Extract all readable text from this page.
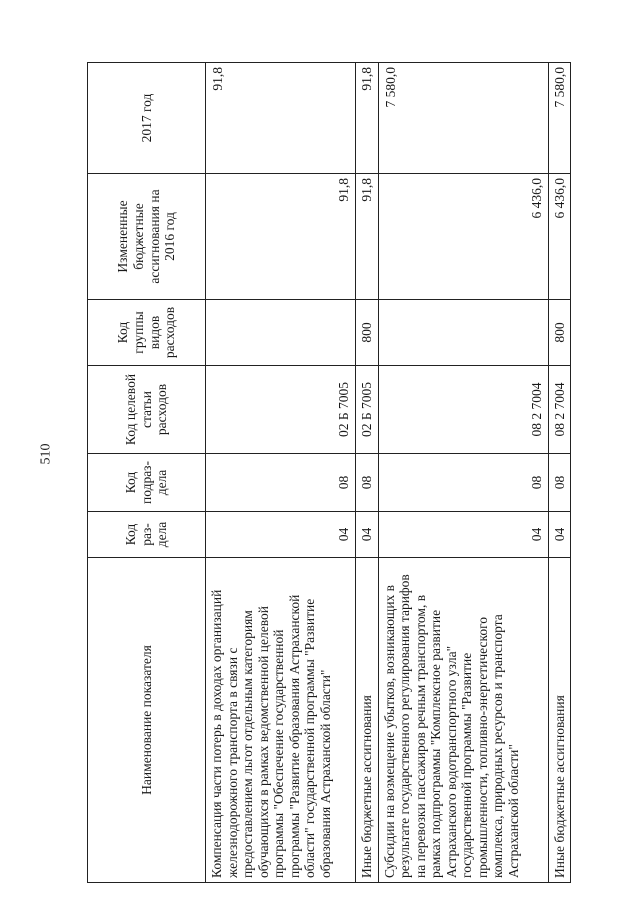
510
Наименование показателя	Код раз-дела	Код подраз-дела	Код целевой статьи расходов	Код группы видов расходов	Измененные бюджетные ассигнования на 2016 год	2017 год
Компенсация части потерь в доходах организаций железнодорожного транспорта в связи с предоставлением льгот отдельным категориям обучающихся в рамках ведомственной целевой программы "Обеспечение государственной программы "Развитие образования Астраханской области" государственной программы "Развитие образования Астраханской области"	04	08	02 Б 7005		91,8	91,8
Иные бюджетные ассигнования	04	08	02 Б 7005	800	91,8	91,8
Субсидии на возмещение убытков, возникающих в результате государственного регулирования тарифов на перевозки пассажиров речным транспортом, в рамках подпрограммы "Комплексное развитие Астраханского водотранспортного узла" государственной программы "Развитие промышленности, топливно-энергетического комплекса, природных ресурсов и транспорта Астраханской области"	04	08	08 2 7004		6 436,0	7 580,0
Иные бюджетные ассигнования	04	08	08 2 7004	800	6 436,0	7 580,0
